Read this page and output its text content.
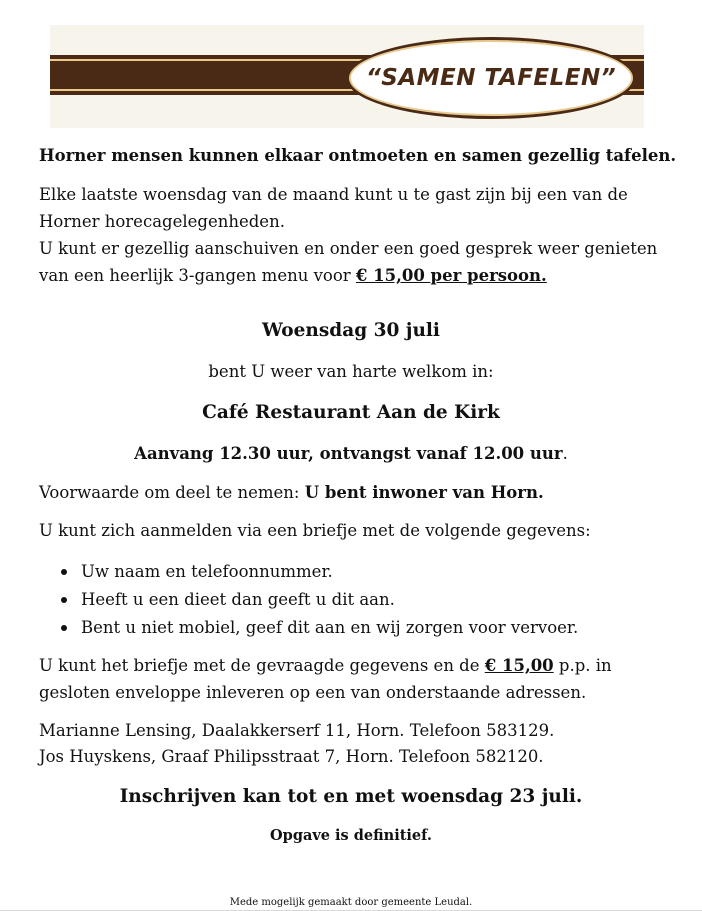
“SAMEN TAFELEN”

Horner mensen kunnen elkaar ontmoeten en samen gezellig tafelen.

Elke laatste woensdag van de maand kunt u te gast zijn bij een van de Horner horecagelegenheden.
U kunt er gezellig aanschuiven en onder een goed gesprek weer genieten van een heerlijk 3-gangen menu voor € 15,00 per persoon.

Woensdag 30 juli

bent U weer van harte welkom in:

Café Restaurant Aan de Kirk

Aanvang 12.30 uur, ontvangst vanaf 12.00 uur.

Voorwaarde om deel te nemen: U bent inwoner van Horn.

U kunt zich aanmelden via een briefje met de volgende gegevens:

Uw naam en telefoonnummer.
Heeft u een dieet dan geeft u dit aan.
Bent u niet mobiel, geef dit aan en wij zorgen voor vervoer.

U kunt het briefje met de gevraagde gegevens en de € 15,00 p.p. in gesloten enveloppe inleveren op een van onderstaande adressen.

Marianne Lensing, Daalakkerserf 11, Horn. Telefoon 583129.
Jos Huyskens, Graaf Philipsstraat 7, Horn. Telefoon 582120.

Inschrijven kan tot en met woensdag 23 juli.

Opgave is definitief.

Mede mogelijk gemaakt door gemeente Leudal.
